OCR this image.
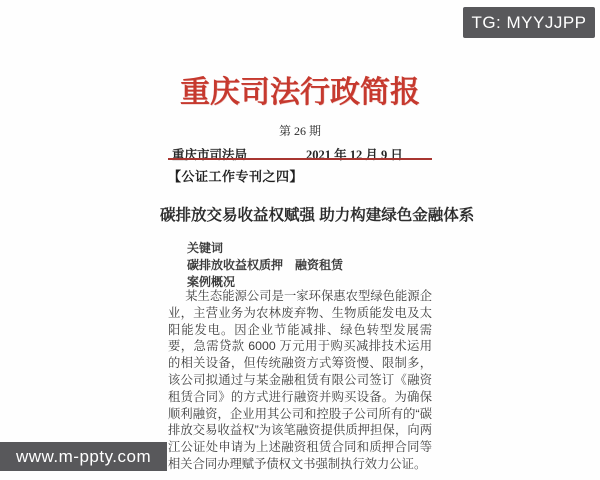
重庆司法行政简报
第 26 期
重庆市司法局	2021 年 12 月 9 日
【公证工作专刊之四】
碳排放交易收益权赋强 助力构建绿色金融体系
关键词
碳排放收益权质押　融资租赁
案例概况
某生态能源公司是一家环保惠农型绿色能源企业，主营业务为农林废弃物、生物质能发电及太阳能发电。因企业节能减排、绿色转型发展需要，急需贷款 6000 万元用于购买减排技术运用的相关设备，但传统融资方式筹资慢、限制多，该公司拟通过与某金融租赁有限公司签订《融资租赁合同》的方式进行融资并购买设备。为确保顺利融资，企业用其公司和控股子公司所有的“碳排放交易收益权”为该笔融资提供质押担保，向两江公证处申请为上述融资租赁合同和质押合同等相关合同办理赋予债权文书强制执行效力公证。
TG: MYYJJPP
www.m-ppty.com
